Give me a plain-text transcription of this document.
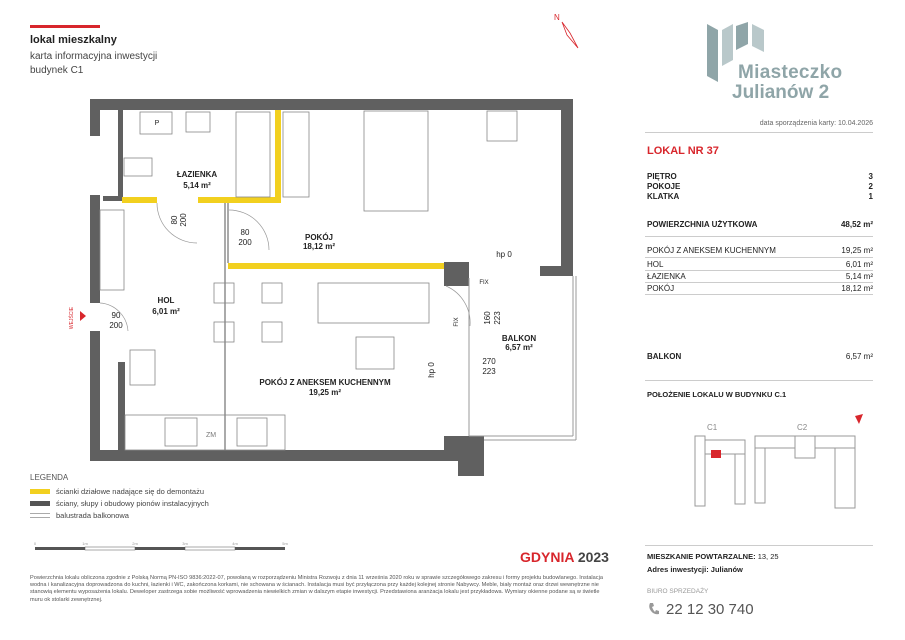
lokal mieszkalny
karta informacyjna inwestycji
budynek C1
N
Miasteczko
Julianów 2
data sporządzenia karty: 10.04.2026
LOKAL NR 37
PIĘTRO	3
POKOJE	2
KLATKA	1
POWIERZCHNIA UŻYTKOWA	48,52 m²
POKÓJ Z ANEKSEM KUCHENNYM	19,25 m²
HOL	6,01 m²
ŁAZIENKA	5,14 m²
POKÓJ	18,12 m²
BALKON	6,57 m²
POŁOŻENIE LOKALU W BUDYNKU C.1
C1	C2
MIESZKANIE POWTARZALNE: 13, 25
Adres inwestycji: Julianów
BIURO SPRZEDAŻY
22 12 30 740
ŁAZIENKA
5,14 m²
POKÓJ
18,12 m²
HOL
6,01 m²
POKÓJ Z ANEKSEM KUCHENNYM
19,25 m²
BALKON
6,57 m²
P
ZM
FIX
hp 0
80
200
90
200
270
223
80 200
160 223
hp 0
FIX
WEJŚCIE
LEGENDA
ścianki działowe nadające się do demontażu
ściany, słupy i obudowy pionów instalacyjnych
balustrada balkonowa
0	1m	2m	3m	4m	5m
GDYNIA 2023
Powierzchnia lokalu obliczona zgodnie z Polską Normą PN-ISO 9836:2022-07, powołaną w rozporządzeniu Ministra Rozwoju z dnia 11 września 2020 roku w sprawie szczegółowego zakresu i formy projektu budowlanego. Instalacja wodna i kanalizacyjna doprowadzona do kuchni, łazienki i WC, zakończona korkami, nie schowana w ścianach. Instalacja musi być przyłączona przy każdej kolejnej stronie Nabywcy. Meble, biały montaż oraz drzwi wewnętrzne nie stanowią elementu wyposażenia lokalu. Deweloper zastrzega sobie możliwość wprowadzenia niewielkich zmian w dalszym etapie inwestycji. Przedstawiona aranżacja lokalu jest przykładowa. Wymiary okienne podane są w świetle muru ok stolarki zewnętrznej.
